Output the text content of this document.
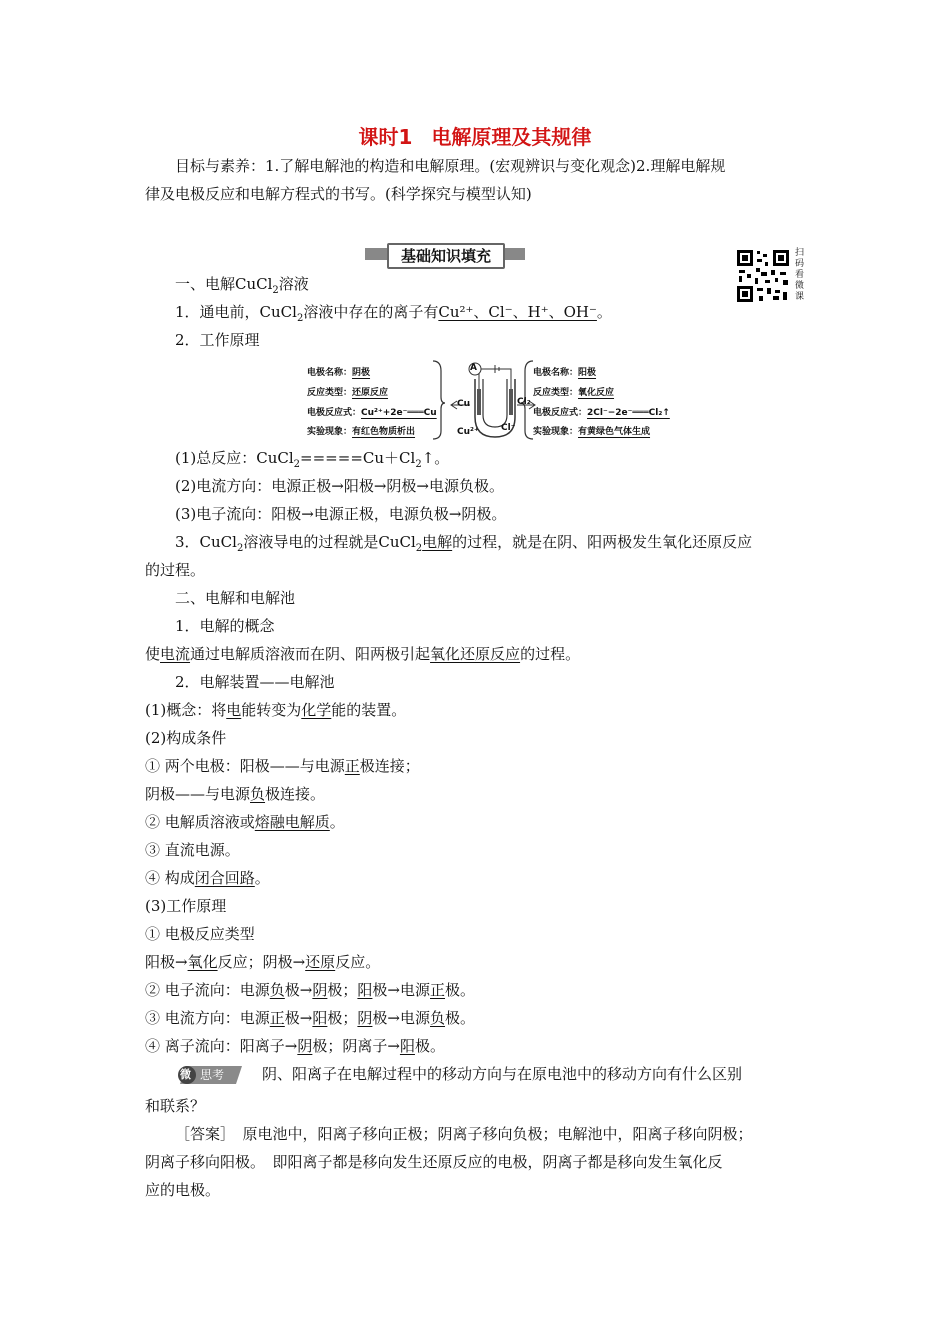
课时1 电解原理及其规律
目标与素养：1.了解电解池的构造和电解原理。(宏观辨识与变化观念)2.理解电解规
律及电极反应和电解方程式的书写。(科学探究与模型认知)
基础知识填充	扫码看微课
一、电解CuCl$_2$溶液
1．通电前，CuCl$_2$溶液中存在的离子有Cu²⁺、Cl⁻、H⁺、OH⁻。
2．工作原理
A
Cu	Cl₂
Cu²⁺ Cl⁻
电极名称：阴极
反应类型：还原反应
电极反应式：Cu²⁺+2e⁻═══Cu
实验现象：有红色物质析出
电极名称：阳极
反应类型：氧化反应
电极反应式：2Cl⁻−2e⁻═══Cl₂↑
实验现象：有黄绿色气体生成
(1)总反应：$CuCl_2=====Cu+Cl_2↑$。
(2)电流方向：电源正极→阳极→阴极→电源负极。
(3)电子流向：阳极→电源正极，电源负极→阴极。
3．CuCl$_2$溶液导电的过程就是CuCl$_2$电解的过程，就是在阴、阳两极发生氧化还原反应
的过程。
二、电解和电解池
1．电解的概念
使电流通过电解质溶液而在阴、阳两极引起氧化还原反应的过程。
2．电解装置——电解池
(1)概念：将电能转变为化学能的装置。
(2)构成条件
① 两个电极：阳极——与电源正极连接；
阴极——与电源负极连接。
② 电解质溶液或熔融电解质。
③ 直流电源。
④ 构成闭合回路。
(3)工作原理
① 电极反应类型
阳极→氧化反应；阴极→还原反应。
② 电子流向：电源负极→阴极；阳极→电源正极。
③ 电流方向：电源正极→阳极；阴极→电源负极。
④ 离子流向：阳离子→阴极；阴离子→阳极。
微 思考	阴、阳离子在电解过程中的移动方向与在原电池中的移动方向有什么区别
和联系？
［答案］　原电池中，阳离子移向正极；阴离子移向负极；电解池中，阳离子移向阴极；
阴离子移向阳极。　即阳离子都是移向发生还原反应的电极，阴离子都是移向发生氧化反
应的电极。
